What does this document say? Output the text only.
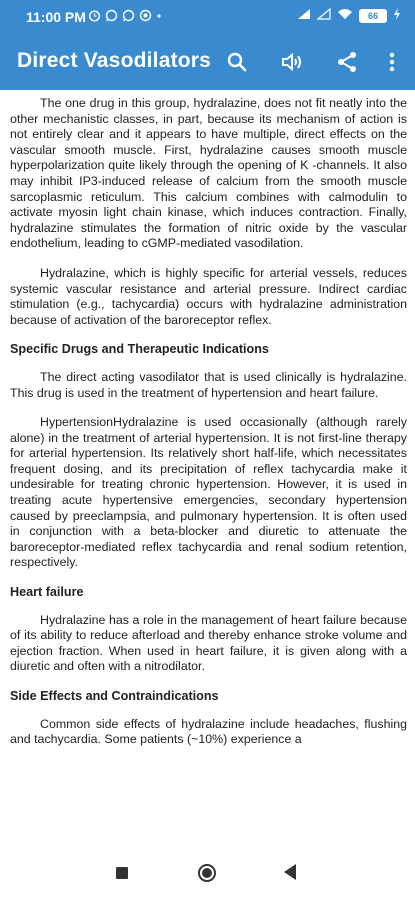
11:00 PM	66
Direct Vasodilators

The one drug in this group, hydralazine, does not fit neatly into the other mechanistic classes, in part, because its mechanism of action is not entirely clear and it appears to have multiple, direct effects on the vascular smooth muscle. First, hydralazine causes smooth muscle hyperpolarization quite likely through the opening of K -channels. It also may inhibit IP3-induced release of calcium from the smooth muscle sarcoplasmic reticulum. This calcium combines with calmodulin to activate myosin light chain kinase, which induces contraction. Finally, hydralazine stimulates the formation of nitric oxide by the vascular endothelium, leading to cGMP-mediated vasodilation.

Hydralazine, which is highly specific for arterial vessels, reduces systemic vascular resistance and arterial pressure. Indirect cardiac stimulation (e.g., tachycardia) occurs with hydralazine administration because of activation of the baroreceptor reflex.

Specific Drugs and Therapeutic Indications

The direct acting vasodilator that is used clinically is hydralazine. This drug is used in the treatment of hypertension and heart failure.

HypertensionHydralazine is used occasionally (although rarely alone) in the treatment of arterial hypertension. It is not first-line therapy for arterial hypertension. Its relatively short half-life, which necessitates frequent dosing, and its precipitation of reflex tachycardia make it undesirable for treating chronic hypertension. However, it is used in treating acute hypertensive emergencies, secondary hypertension caused by preeclampsia, and pulmonary hypertension. It is often used in conjunction with a beta-blocker and diuretic to attenuate the baroreceptor-mediated reflex tachycardia and renal sodium retention, respectively.

Heart failure

Hydralazine has a role in the management of heart failure because of its ability to reduce afterload and thereby enhance stroke volume and ejection fraction. When used in heart failure, it is given along with a diuretic and often with a nitrodilator.

Side Effects and Contraindications

Common side effects of hydralazine include headaches, flushing and tachycardia. Some patients (~10%) experience a
